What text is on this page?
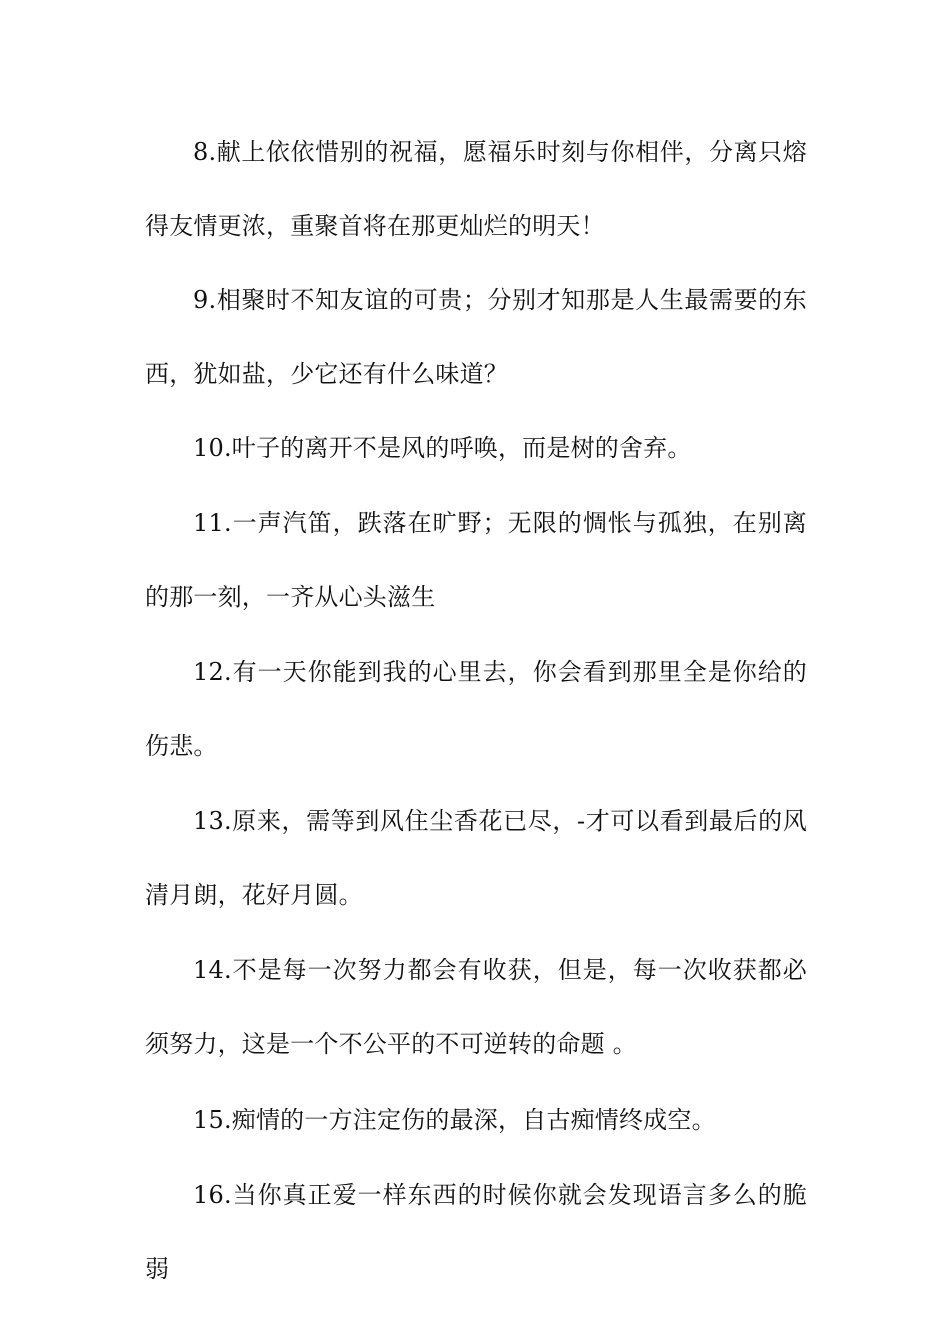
8.献上依依惜别的祝福，愿福乐时刻与你相伴，分离只熔得友情更浓，重聚首将在那更灿烂的明天！

9.相聚时不知友谊的可贵；分别才知那是人生最需要的东西，犹如盐，少它还有什么味道？

10.叶子的离开不是风的呼唤，而是树的舍弃。

11.一声汽笛，跌落在旷野；无限的惆怅与孤独，在别离的那一刻，一齐从心头滋生

12.有一天你能到我的心里去，你会看到那里全是你给的伤悲。

13.原来，需等到风住尘香花已尽，-才可以看到最后的风清月朗，花好月圆。

14.不是每一次努力都会有收获，但是，每一次收获都必须努力，这是一个不公平的不可逆转的命题 。

15.痴情的一方注定伤的最深，自古痴情终成空。

16.当你真正爱一样东西的时候你就会发现语言多么的脆弱
